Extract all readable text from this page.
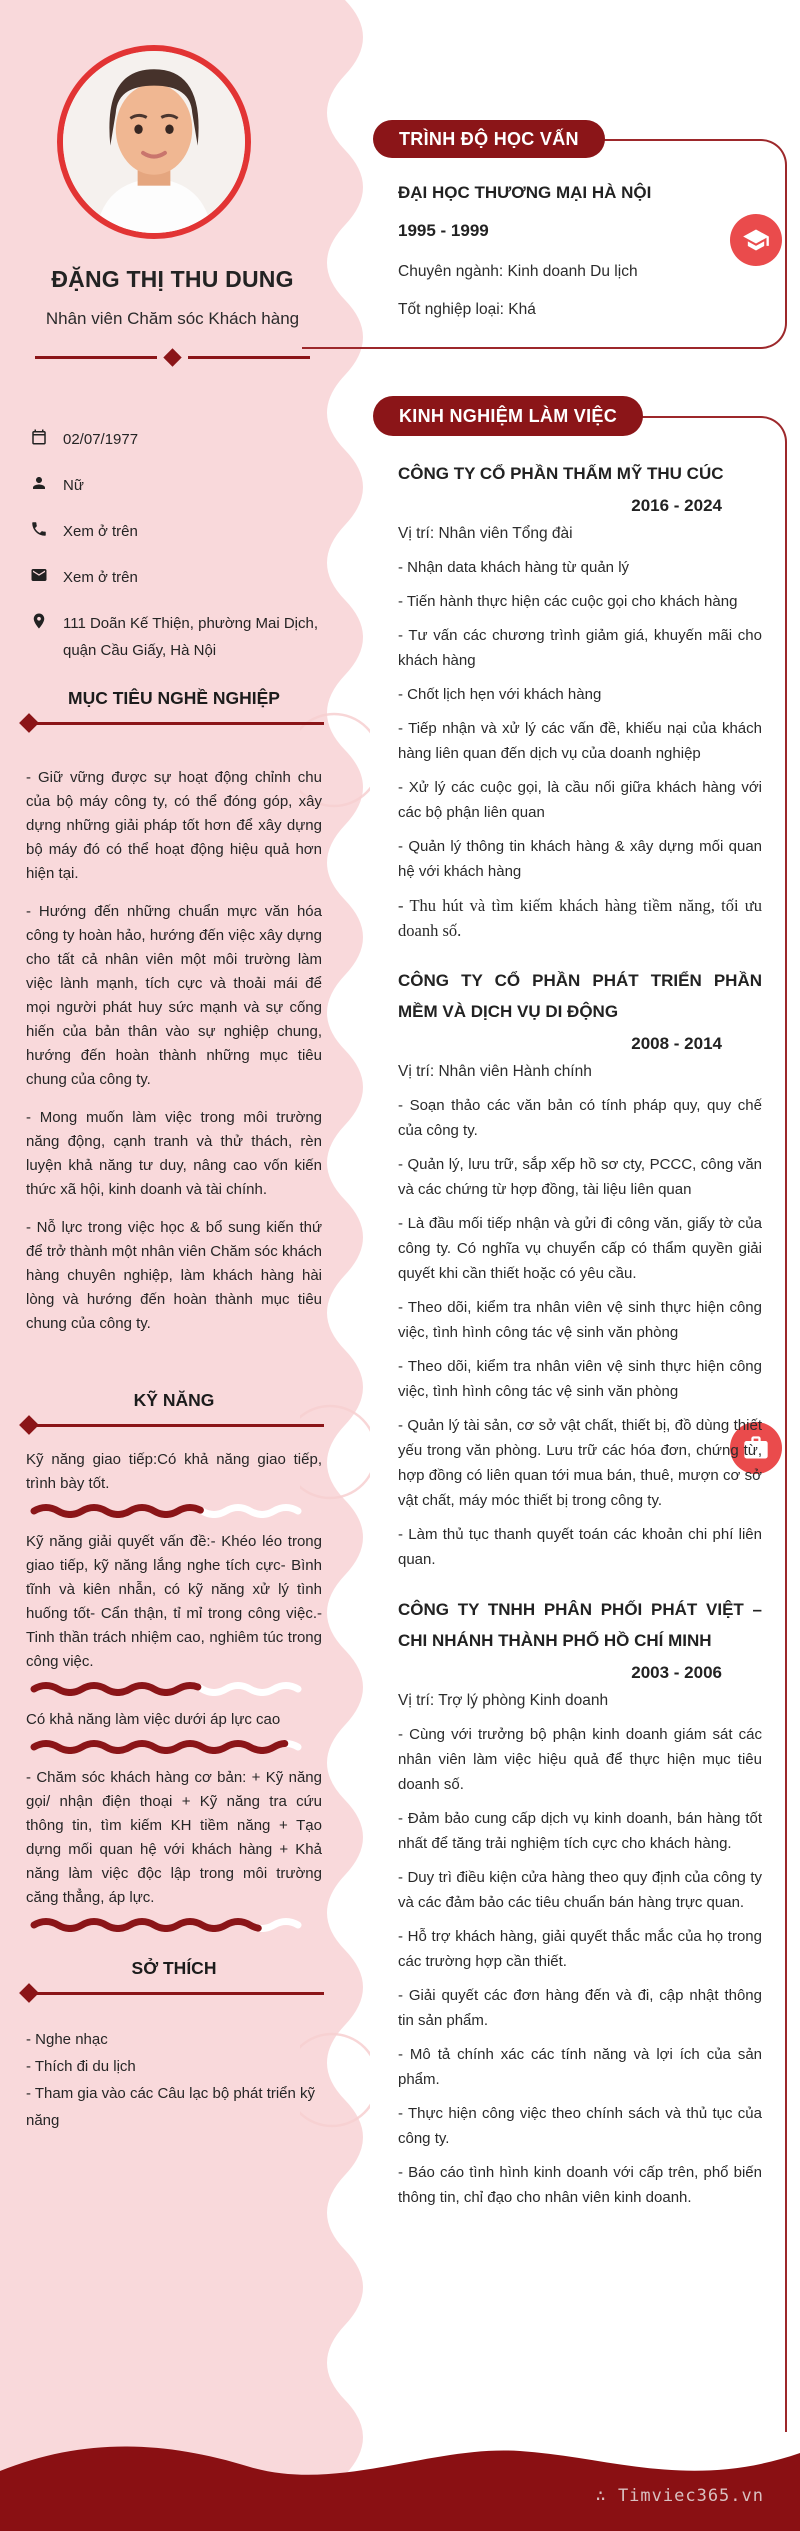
ĐẶNG THỊ THU DUNG
Nhân viên Chăm sóc Khách hàng
02/07/1977
Nữ
Xem ở trên
Xem ở trên
111 Doãn Kế Thiện, phường Mai Dịch, quận Cầu Giấy, Hà Nội
MỤC TIÊU NGHỀ NGHIỆP

- Giữ vững được sự hoạt động chỉnh chu của bộ máy công ty, có thể đóng góp, xây dựng những giải pháp tốt hơn để xây dựng bộ máy đó có thể hoạt động hiệu quả hơn hiện tại.

- Hướng đến những chuẩn mực văn hóa công ty hoàn hảo, hướng đến việc xây dựng cho tất cả nhân viên một môi trường làm việc lành mạnh, tích cực và thoải mái để mọi người phát huy sức mạnh và sự cống hiến của bản thân vào sự nghiệp chung, hướng đến hoàn thành những mục tiêu chung của công ty.

- Mong muốn làm việc trong môi trường năng động, cạnh tranh và thử thách, rèn luyện khả năng tư duy, nâng cao vốn kiến thức xã hội, kinh doanh và tài chính.

- Nỗ lực trong việc học & bổ sung kiến thứ để trở thành một nhân viên Chăm sóc khách hàng chuyên nghiệp, làm khách hàng hài lòng và hướng đến hoàn thành mục tiêu chung của công ty.

KỸ NĂNG

Kỹ năng giao tiếp:Có khả năng giao tiếp, trình bày tốt.

Kỹ năng giải quyết vấn đề:- Khéo léo trong giao tiếp, kỹ năng lắng nghe tích cực- Bình tĩnh và kiên nhẫn, có kỹ năng xử lý tình huống tốt- Cẩn thận, tỉ mỉ trong công việc.- Tinh thần trách nhiệm cao, nghiêm túc trong công việc.

Có khả năng làm việc dưới áp lực cao

- Chăm sóc khách hàng cơ bản: + Kỹ năng gọi/ nhận điện thoại + Kỹ năng tra cứu thông tin, tìm kiếm KH tiềm năng + Tạo dựng mối quan hệ với khách hàng + Khả năng làm việc độc lập trong môi trường căng thẳng, áp lực.

SỞ THÍCH

- Nghe nhạc

- Thích đi du lịch

- Tham gia vào các Câu lạc bộ phát triển kỹ năng

TRÌNH ĐỘ HỌC VẤN
ĐẠI HỌC THƯƠNG MẠI HÀ NỘI
1995 - 1999
Chuyên ngành: Kinh doanh Du lịch
Tốt nghiệp loại: Khá
KINH NGHIỆM LÀM VIỆC

CÔNG TY CỔ PHẦN THẤM MỸ THU CÚC

2016 - 2024

Vị trí: Nhân viên Tổng đài

- Nhận data khách hàng từ quản lý

- Tiến hành thực hiện các cuộc gọi cho khách hàng

- Tư vấn các chương trình giảm giá, khuyến mãi cho khách hàng

- Chốt lịch hẹn với khách hàng

- Tiếp nhận và xử lý các vấn đề, khiếu nại của khách hàng liên quan đến dịch vụ của doanh nghiệp

- Xử lý các cuộc gọi, là cầu nối giữa khách hàng với các bộ phận liên quan

- Quản lý thông tin khách hàng & xây dựng mối quan hệ với khách hàng

- Thu hút và tìm kiếm khách hàng tiềm năng, tối ưu doanh số.

CÔNG TY CỔ PHẦN PHÁT TRIỂN PHẦN MỀM VÀ DỊCH VỤ DI ĐỘNG

2008 - 2014

Vị trí: Nhân viên Hành chính

- Soạn thảo các văn bản có tính pháp quy, quy chế của công ty.

- Quản lý, lưu trữ, sắp xếp hồ sơ cty, PCCC, công văn và các chứng từ hợp đồng, tài liệu liên quan

- Là đầu mối tiếp nhận và gửi đi công văn, giấy tờ của công ty. Có nghĩa vụ chuyển cấp có thẩm quyền giải quyết khi cần thiết hoặc có yêu cầu.

- Theo dõi, kiểm tra nhân viên vệ sinh thực hiện công việc, tình hình công tác vệ sinh văn phòng

- Theo dõi, kiểm tra nhân viên vệ sinh thực hiện công việc, tình hình công tác vệ sinh văn phòng

- Quản lý tài sản, cơ sở vật chất, thiết bị, đồ dùng thiết yếu trong văn phòng. Lưu trữ các hóa đơn, chứng từ, hợp đồng có liên quan tới mua bán, thuê, mượn cơ sở vật chất, máy móc thiết bị trong công ty.

- Làm thủ tục thanh quyết toán các khoản chi phí liên quan.

CÔNG TY TNHH PHÂN PHỐI PHÁT VIỆT – CHI NHÁNH THÀNH PHỐ HỒ CHÍ MINH

2003 - 2006

Vị trí: Trợ lý phòng Kinh doanh

- Cùng với trưởng bộ phận kinh doanh giám sát các nhân viên làm việc hiệu quả để thực hiện mục tiêu doanh số.

- Đảm bảo cung cấp dịch vụ kinh doanh, bán hàng tốt nhất để tăng trải nghiệm tích cực cho khách hàng.

- Duy trì điều kiện cửa hàng theo quy định của công ty và các đảm bảo các tiêu chuẩn bán hàng trực quan.

- Hỗ trợ khách hàng, giải quyết thắc mắc của họ trong các trường hợp cần thiết.

- Giải quyết các đơn hàng đến và đi, cập nhật thông tin sản phẩm.

- Mô tả chính xác các tính năng và lợi ích của sản phẩm.

- Thực hiện công việc theo chính sách và thủ tục của công ty.

- Báo cáo tình hình kinh doanh với cấp trên, phổ biến thông tin, chỉ đạo cho nhân viên kinh doanh.

∴ Timviec365.vn
